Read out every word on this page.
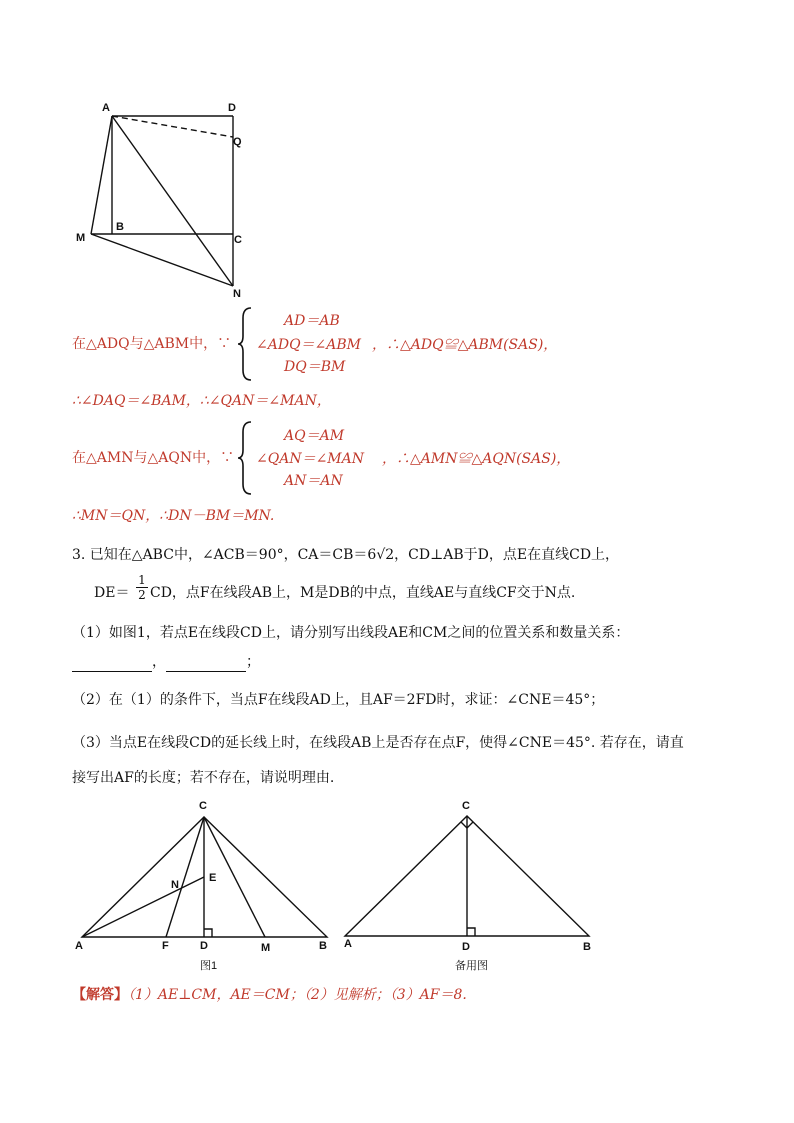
A	D
Q
M
B
C
N
在△ADQ与△ABM中，∵
AD＝AB
∠ADQ＝∠ABM ，∴△ADQ≌△ABM(SAS)，
DQ＝BM
∴∠DAQ＝∠BAM，∴∠QAN＝∠MAN，
在△AMN与△AQN中，∵
AQ＝AM
∠QAN＝∠MAN ，∴△AMN≌△AQN(SAS)，
AN＝AN
∴MN＝QN，∴DN－BM＝MN.
3. 已知在△ABC中，∠ACB＝90°，CA＝CB＝6√2，CD⊥AB于D，点E在直线CD上，
DE＝
1
2 CD，点F在线段AB上，M是DB的中点，直线AE与直线CF交于N点.
（1）如图1，若点E在线段CD上，请分别写出线段AE和CM之间的位置关系和数量关系：
，	；
（2）在（1）的条件下，当点F在线段AD上，且AF＝2FD时，求证：∠CNE＝45°；
（3）当点E在线段CD的延长线上时，在线段AB上是否存在点F，使得∠CNE＝45°. 若存在，请直
接写出AF的长度；若不存在，请说明理由.
C
E
N
A	F	D	M	B
图1
C
A	D	B
备用图
【解答】（1）AE⊥CM，AE＝CM；（2）见解析；（3）AF＝8.
